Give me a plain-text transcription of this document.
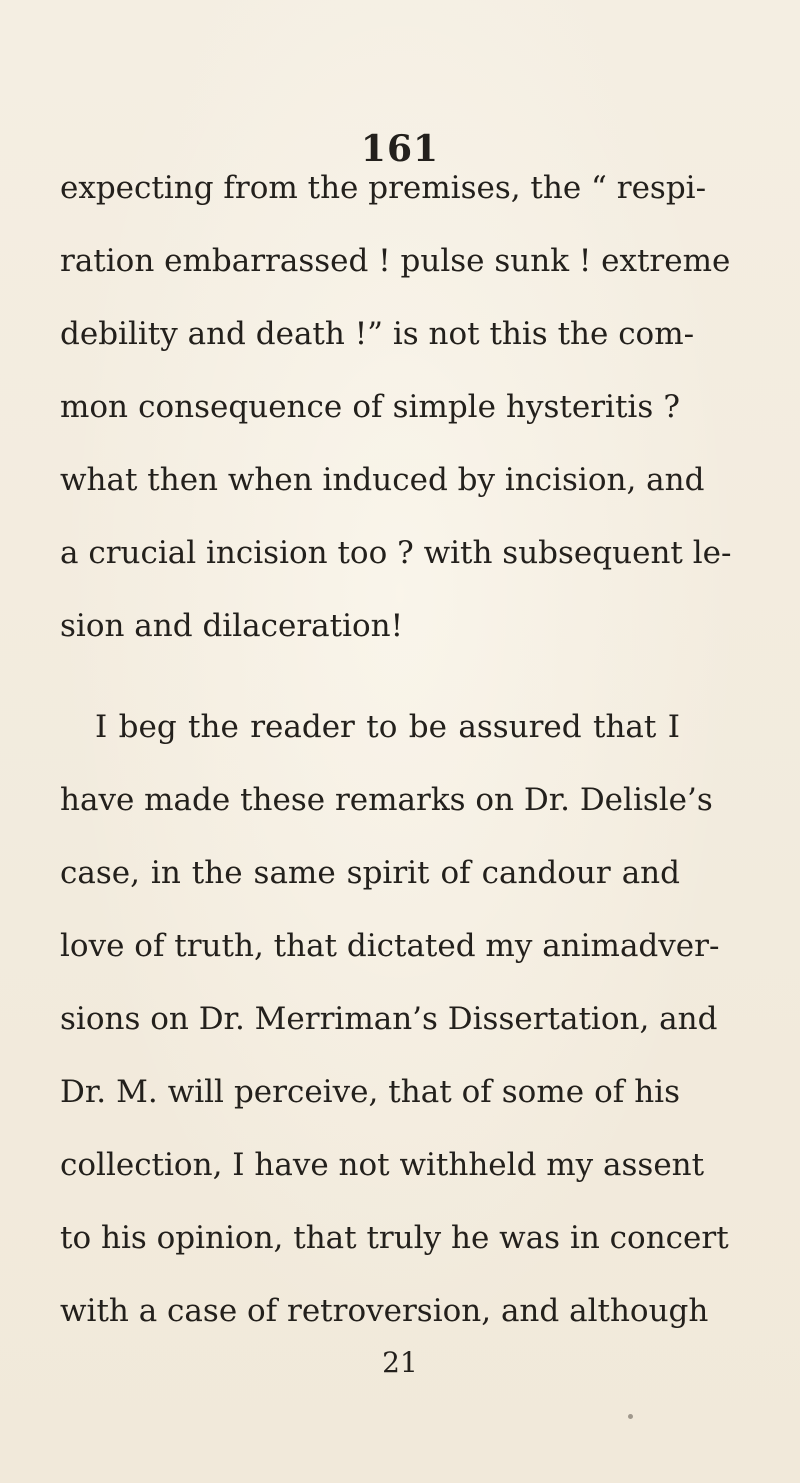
161

expecting from the premises, the “ respi-

ration embarrassed ! pulse sunk ! extreme

debility and death !” is not this the com-

mon consequence of simple hysteritis ?

what then when induced by incision, and

a crucial incision too ? with subsequent le-

sion and dilaceration!

I beg the reader to be assured that I

have made these remarks on Dr. Delisle’s

case, in the same spirit of candour and

love of truth, that dictated my animadver-

sions on Dr. Merriman’s Dissertation, and

Dr. M. will perceive, that of some of his

collection, I have not withheld my assent

21

to his opinion, that truly he was in concert

with a case of retroversion, and although
